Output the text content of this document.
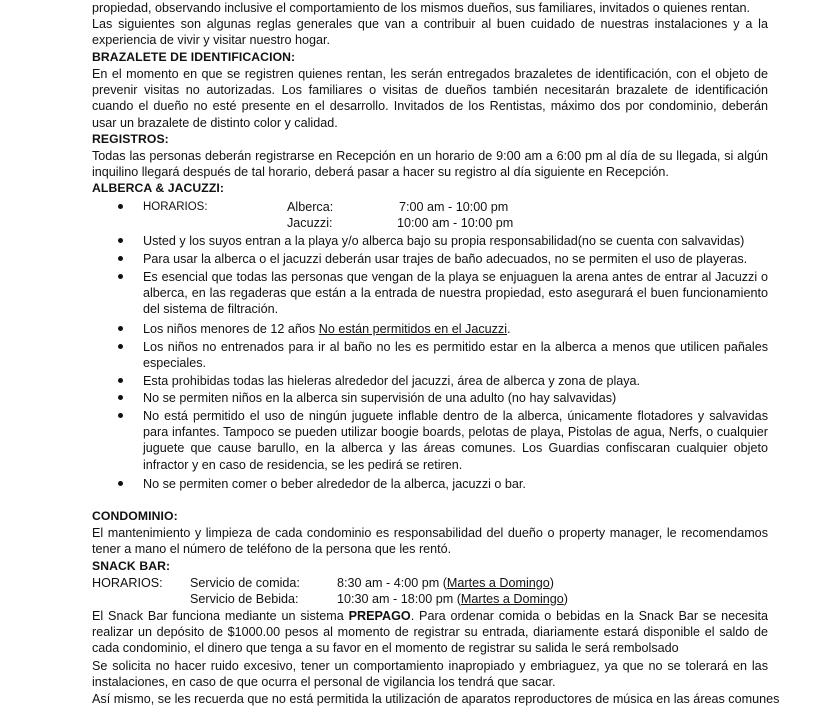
propiedad, observando inclusive el comportamiento de los mismos dueños, sus familiares, invitados o quienes rentan.
Las siguientes son algunas reglas generales que van a contribuir al buen cuidado de nuestras instalaciones y a la experiencia de vivir y visitar nuestro hogar.
BRAZALETE DE IDENTIFICACION:
En el momento en que se registren quienes rentan, les serán entregados brazaletes de identificación, con el objeto de prevenir visitas no autorizadas. Los familiares o visitas de dueños también necesitarán brazalete de identificación cuando el dueño no esté presente en el desarrollo. Invitados de los Rentistas, máximo dos por condominio, deberán usar un brazalete de distinto color y calidad.
REGISTROS:
Todas las personas deberán registrarse en Recepción en un horario de 9:00 am a 6:00 pm al día de su llegada, si algún inquilino llegará después de tal horario, deberá pasar a hacer su registro al día siguiente en Recepción.
ALBERCA & JACUZZI:
HORARIOS:	Alberca:	7:00 am - 10:00 pm
Jacuzzi:	10:00 am - 10:00 pm
Usted y los suyos entran a la playa y/o alberca bajo su propia responsabilidad(no se cuenta con salvavidas)
Para usar la alberca o el jacuzzi deberán usar trajes de baño adecuados, no se permiten el uso de playeras.
Es esencial que todas las personas que vengan de la playa se enjuaguen la arena antes de entrar al Jacuzzi o alberca, en las regaderas que están a la entrada de nuestra propiedad, esto asegurará el buen funcionamiento del sistema de filtración.
Los niños menores de 12 años No están permitidos en el Jacuzzi.
Los niños no entrenados para ir al baño no les es permitido estar en la alberca a menos que utilicen pañales especiales.
Esta prohibidas todas las hieleras alrededor del jacuzzi, área de alberca y zona de playa.
No se permiten niños en la alberca sin supervisión de una adulto (no hay salvavidas)
No está permitido el uso de ningún juguete inflable dentro de la alberca, únicamente flotadores y salvavidas para infantes. Tampoco se pueden utilizar boogie boards, pelotas de playa, Pistolas de agua, Nerfs, o cualquier juguete que cause barullo, en la alberca y las áreas comunes. Los Guardias confiscaran cualquier objeto infractor y en caso de residencia, se les pedirá se retiren.
No se permiten comer o beber alrededor de la alberca, jacuzzi o bar.
CONDOMINIO:
El mantenimiento y limpieza de cada condominio es responsabilidad del dueño o property manager, le recomendamos tener a mano el número de teléfono de la persona que les rentó.
SNACK BAR:
HORARIOS: Servicio de comida:	8:30 am - 4:00 pm (Martes a Domingo)
Servicio de Bebida:	10:30 am - 18:00 pm (Martes a Domingo)
El Snack Bar funciona mediante un sistema PREPAGO. Para ordenar comida o bebidas en la Snack Bar se necesita realizar un depósito de $1000.00 pesos al momento de registrar su entrada, diariamente estará disponible el saldo de cada condominio, el dinero que tenga a su favor en el momento de registrar su salida le será rembolsado
Se solicita no hacer ruido excesivo, tener un comportamiento inapropiado y embriaguez, ya que no se tolerará en las instalaciones, en caso de que ocurra el personal de vigilancia los tendrá que sacar.
Así mismo, se les recuerda que no está permitida la utilización de aparatos reproductores de música en las áreas comunes
